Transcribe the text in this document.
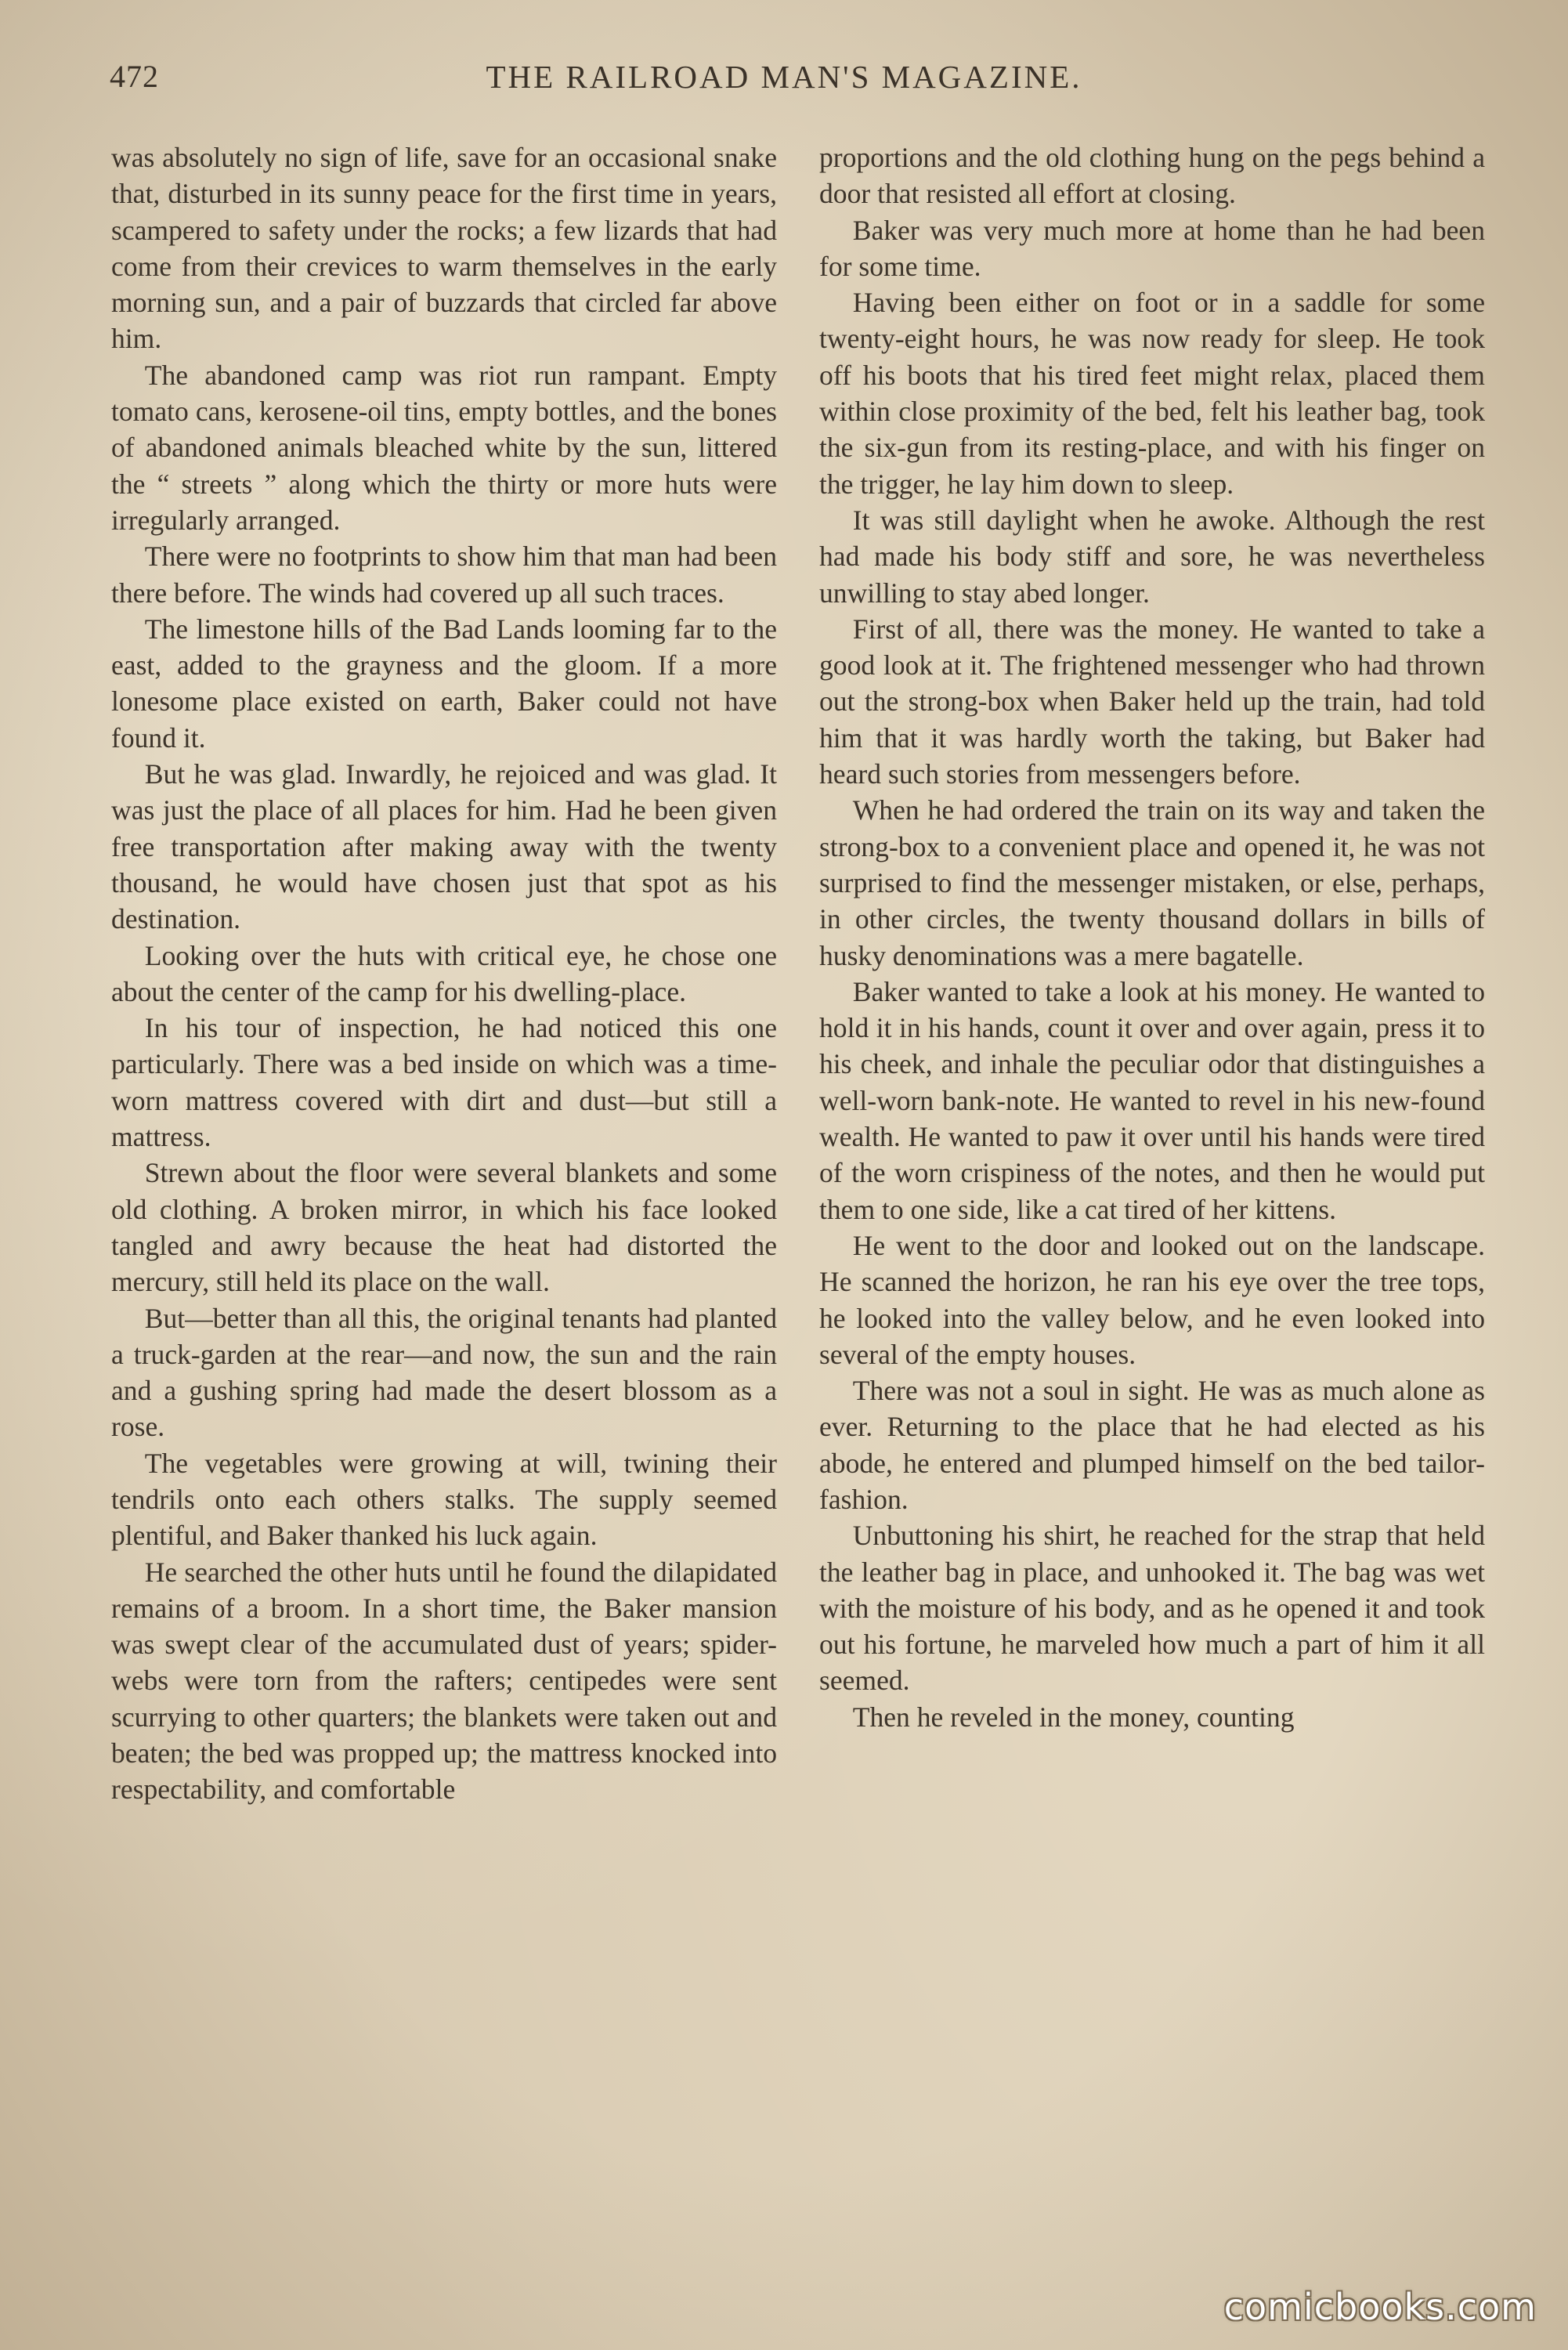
472	THE RAILROAD MAN'S MAGAZINE.

was absolutely no sign of life, save for an occasional snake that, disturbed in its sunny peace for the first time in years, scampered to safety under the rocks; a few lizards that had come from their crevices to warm themselves in the early morning sun, and a pair of buzzards that circled far above him.

The abandoned camp was riot run rampant. Empty tomato cans, kerosene-oil tins, empty bottles, and the bones of abandoned animals bleached white by the sun, littered the “ streets ” along which the thirty or more huts were irregularly arranged.

There were no footprints to show him that man had been there before. The winds had covered up all such traces.

The limestone hills of the Bad Lands looming far to the east, added to the grayness and the gloom. If a more lonesome place existed on earth, Baker could not have found it.

But he was glad. Inwardly, he rejoiced and was glad. It was just the place of all places for him. Had he been given free transportation after making away with the twenty thousand, he would have chosen just that spot as his destination.

Looking over the huts with critical eye, he chose one about the center of the camp for his dwelling-place.

In his tour of inspection, he had noticed this one particularly. There was a bed inside on which was a time-worn mattress covered with dirt and dust—but still a mattress.

Strewn about the floor were several blankets and some old clothing. A broken mirror, in which his face looked tangled and awry because the heat had distorted the mercury, still held its place on the wall.

But—better than all this, the original tenants had planted a truck-garden at the rear—and now, the sun and the rain and a gushing spring had made the desert blossom as a rose.

The vegetables were growing at will, twining their tendrils onto each others stalks. The supply seemed plentiful, and Baker thanked his luck again.

He searched the other huts until he found the dilapidated remains of a broom. In a short time, the Baker mansion was swept clear of the accumulated dust of years; spider-webs were torn from the rafters; centipedes were sent scurrying to other quarters; the blankets were taken out and beaten; the bed was propped up; the mattress knocked into respectability, and comfortable

proportions and the old clothing hung on the pegs behind a door that resisted all effort at closing.

Baker was very much more at home than he had been for some time.

Having been either on foot or in a saddle for some twenty-eight hours, he was now ready for sleep. He took off his boots that his tired feet might relax, placed them within close proximity of the bed, felt his leather bag, took the six-gun from its resting-place, and with his finger on the trigger, he lay him down to sleep.

It was still daylight when he awoke. Although the rest had made his body stiff and sore, he was nevertheless unwilling to stay abed longer.

First of all, there was the money. He wanted to take a good look at it. The frightened messenger who had thrown out the strong-box when Baker held up the train, had told him that it was hardly worth the taking, but Baker had heard such stories from messengers before.

When he had ordered the train on its way and taken the strong-box to a convenient place and opened it, he was not surprised to find the messenger mistaken, or else, perhaps, in other circles, the twenty thousand dollars in bills of husky denominations was a mere bagatelle.

Baker wanted to take a look at his money. He wanted to hold it in his hands, count it over and over again, press it to his cheek, and inhale the peculiar odor that distinguishes a well-worn bank-note. He wanted to revel in his new-found wealth. He wanted to paw it over until his hands were tired of the worn crispiness of the notes, and then he would put them to one side, like a cat tired of her kittens.

He went to the door and looked out on the landscape. He scanned the horizon, he ran his eye over the tree tops, he looked into the valley below, and he even looked into several of the empty houses.

There was not a soul in sight. He was as much alone as ever. Returning to the place that he had elected as his abode, he entered and plumped himself on the bed tailor-fashion.

Unbuttoning his shirt, he reached for the strap that held the leather bag in place, and unhooked it. The bag was wet with the moisture of his body, and as he opened it and took out his fortune, he marveled how much a part of him it all seemed.

Then he reveled in the money, counting

comicbooks.com
